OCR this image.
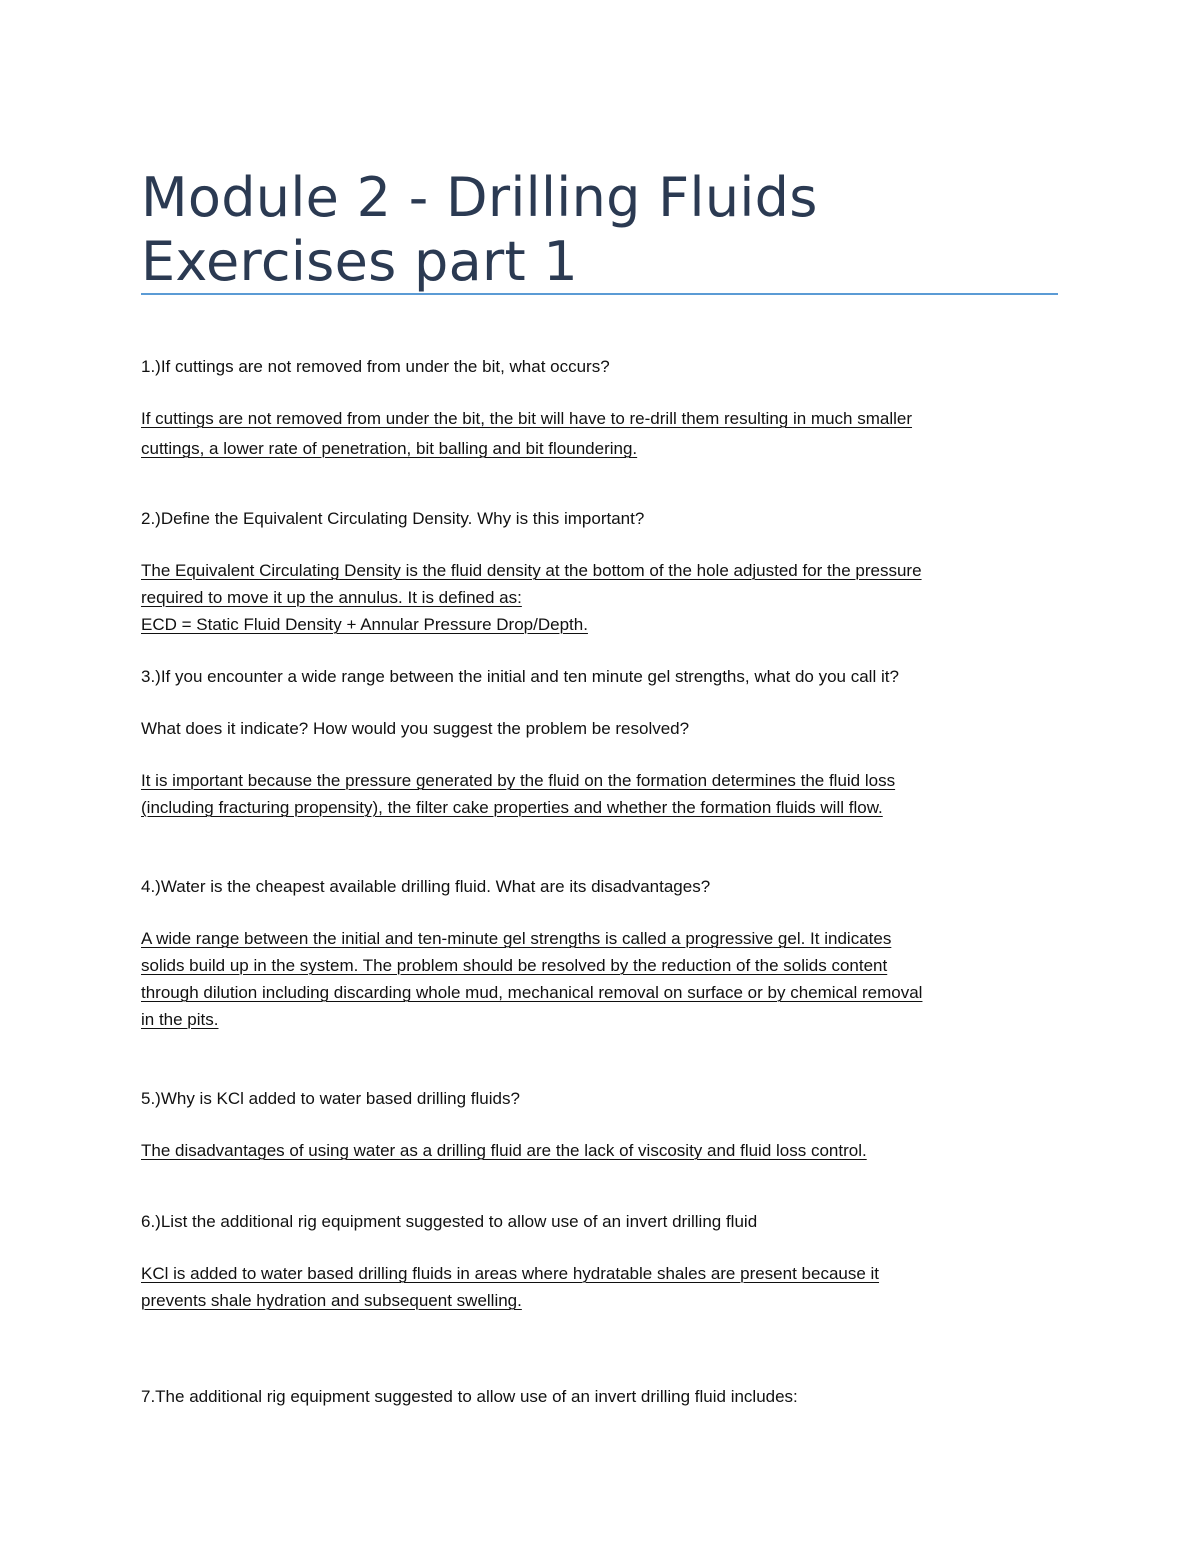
Module 2 - Drilling Fluids Exercises part 1
1.)If cuttings are not removed from under the bit, what occurs?
If cuttings are not removed from under the bit, the bit will have to re-drill them resulting in much smaller
cuttings, a lower rate of penetration, bit balling and bit floundering.
2.)Define the Equivalent Circulating Density. Why is this important?
The Equivalent Circulating Density is the fluid density at the bottom of the hole adjusted for the pressure
required to move it up the annulus. It is defined as:
ECD = Static Fluid Density + Annular Pressure Drop/Depth.
3.)If you encounter a wide range between the initial and ten minute gel strengths, what do you call it?
What does it indicate? How would you suggest the problem be resolved?
It is important because the pressure generated by the fluid on the formation determines the fluid loss
(including fracturing propensity), the filter cake properties and whether the formation fluids will flow.
4.)Water is the cheapest available drilling fluid. What are its disadvantages?
A wide range between the initial and ten-minute gel strengths is called a progressive gel. It indicates
solids build up in the system. The problem should be resolved by the reduction of the solids content
through dilution including discarding whole mud, mechanical removal on surface or by chemical removal
in the pits.
5.)Why is KCl added to water based drilling fluids?
The disadvantages of using water as a drilling fluid are the lack of viscosity and fluid loss control.
6.)List the additional rig equipment suggested to allow use of an invert drilling fluid
KCl is added to water based drilling fluids in areas where hydratable shales are present because it
prevents shale hydration and subsequent swelling.
7.The additional rig equipment suggested to allow use of an invert drilling fluid includes:
